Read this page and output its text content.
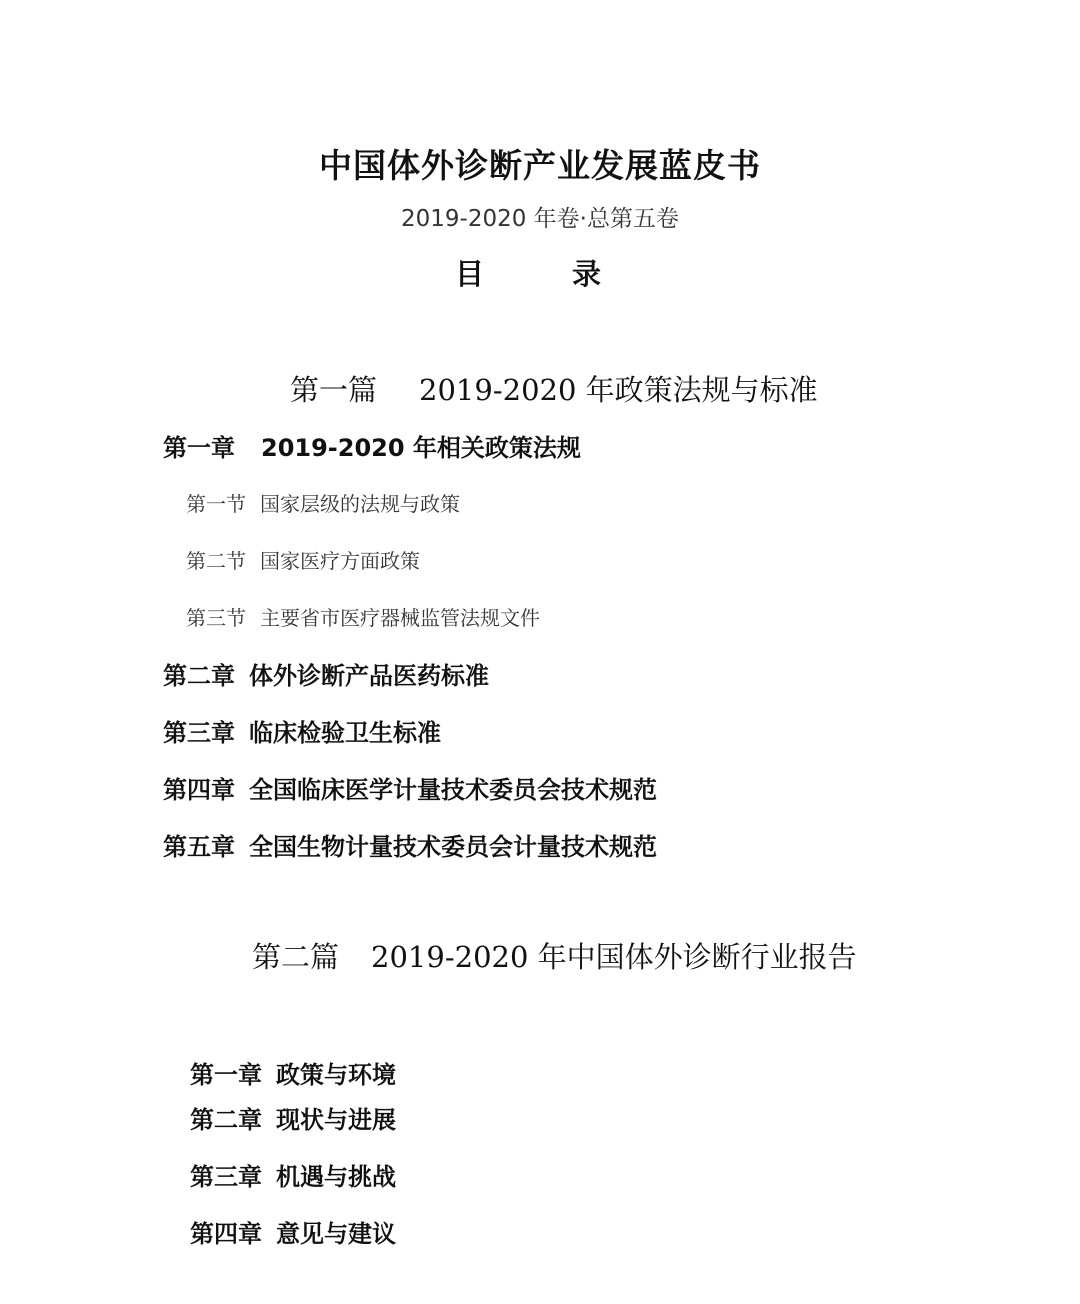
中国体外诊断产业发展蓝皮书
2019-2020 年卷·总第五卷
目	录
第一篇 2019-2020 年政策法规与标准
第一章 2019-2020 年相关政策法规
第一节 国家层级的法规与政策
第二节 国家医疗方面政策
第三节 主要省市医疗器械监管法规文件
第二章 体外诊断产品医药标准
第三章 临床检验卫生标准
第四章 全国临床医学计量技术委员会技术规范
第五章 全国生物计量技术委员会计量技术规范
第二篇 2019-2020 年中国体外诊断行业报告
第一章 政策与环境
第二章 现状与进展
第三章 机遇与挑战
第四章 意见与建议
